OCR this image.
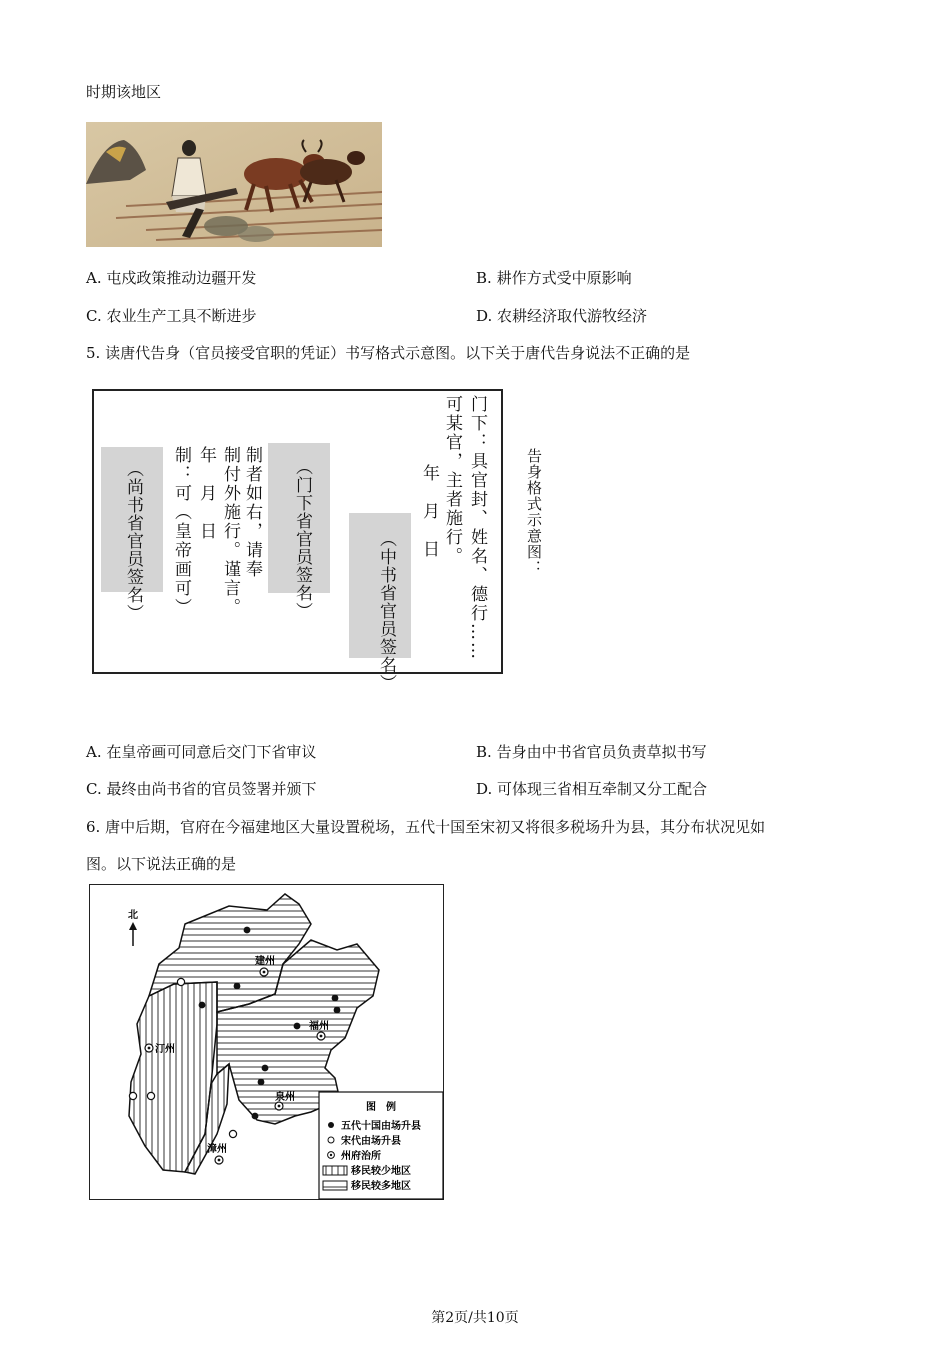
时期该地区
A. 屯戍政策推动边疆开发	B. 耕作方式受中原影响
C. 农业生产工具不断进步	D. 农耕经济取代游牧经济
5. 读唐代告身（官员接受官职的凭证）书写格式示意图。以下关于唐代告身说法不正确的是
门下：具官封、姓名、德行……
可某官，主者施行。
年　月　日
（中书省官员签名）
（门下省官员签名）
制者如右，请奉
制付外施行。谨言。
年　月　日
制：可（皇帝画可）
（尚书省官员签名）	告身格式示意图：
A. 在皇帝画可同意后交门下省审议	B. 告身由中书省官员负责草拟书写
C. 最终由尚书省的官员签署并颁下	D. 可体现三省相互牵制又分工配合
6. 唐中后期，官府在今福建地区大量设置税场，五代十国至宋初又将很多税场升为县，其分布状况见如
图。以下说法正确的是
北
建州
福州
汀州
泉州
漳州
图　例
五代十国由场升县
宋代由场升县
州府治所
移民较少地区
移民较多地区
第2页/共10页
